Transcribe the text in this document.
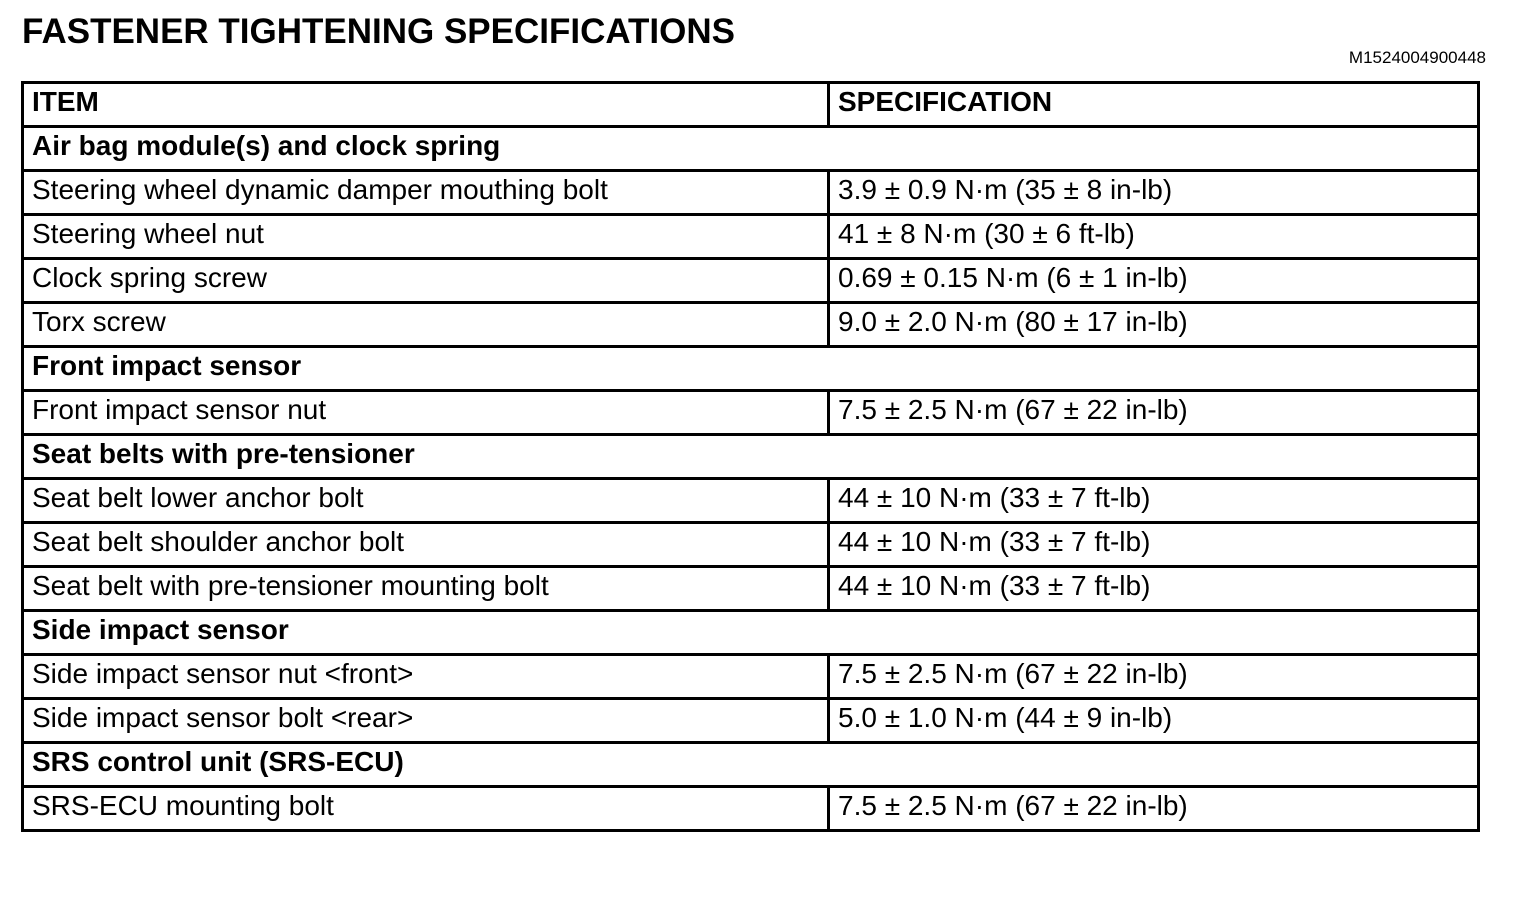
FASTENER TIGHTENING SPECIFICATIONS
M1524004900448
ITEM	SPECIFICATION
Air bag module(s) and clock spring	
Steering wheel dynamic damper mouthing bolt	3.9 ± 0.9 N·m (35 ± 8 in-lb)
Steering wheel nut	41 ± 8 N·m (30 ± 6 ft-lb)
Clock spring screw	0.69 ± 0.15 N·m (6 ± 1 in-lb)
Torx screw	9.0 ± 2.0 N·m (80 ± 17 in-lb)
Front impact sensor	
Front impact sensor nut	7.5 ± 2.5 N·m (67 ± 22 in-lb)
Seat belts with pre-tensioner	
Seat belt lower anchor bolt	44 ± 10 N·m (33 ± 7 ft-lb)
Seat belt shoulder anchor bolt	44 ± 10 N·m (33 ± 7 ft-lb)
Seat belt with pre-tensioner mounting bolt	44 ± 10 N·m (33 ± 7 ft-lb)
Side impact sensor	
Side impact sensor nut <front>	7.5 ± 2.5 N·m (67 ± 22 in-lb)
Side impact sensor bolt <rear>	5.0 ± 1.0 N·m (44 ± 9 in-lb)
SRS control unit (SRS-ECU)	
SRS-ECU mounting bolt	7.5 ± 2.5 N·m (67 ± 22 in-lb)
